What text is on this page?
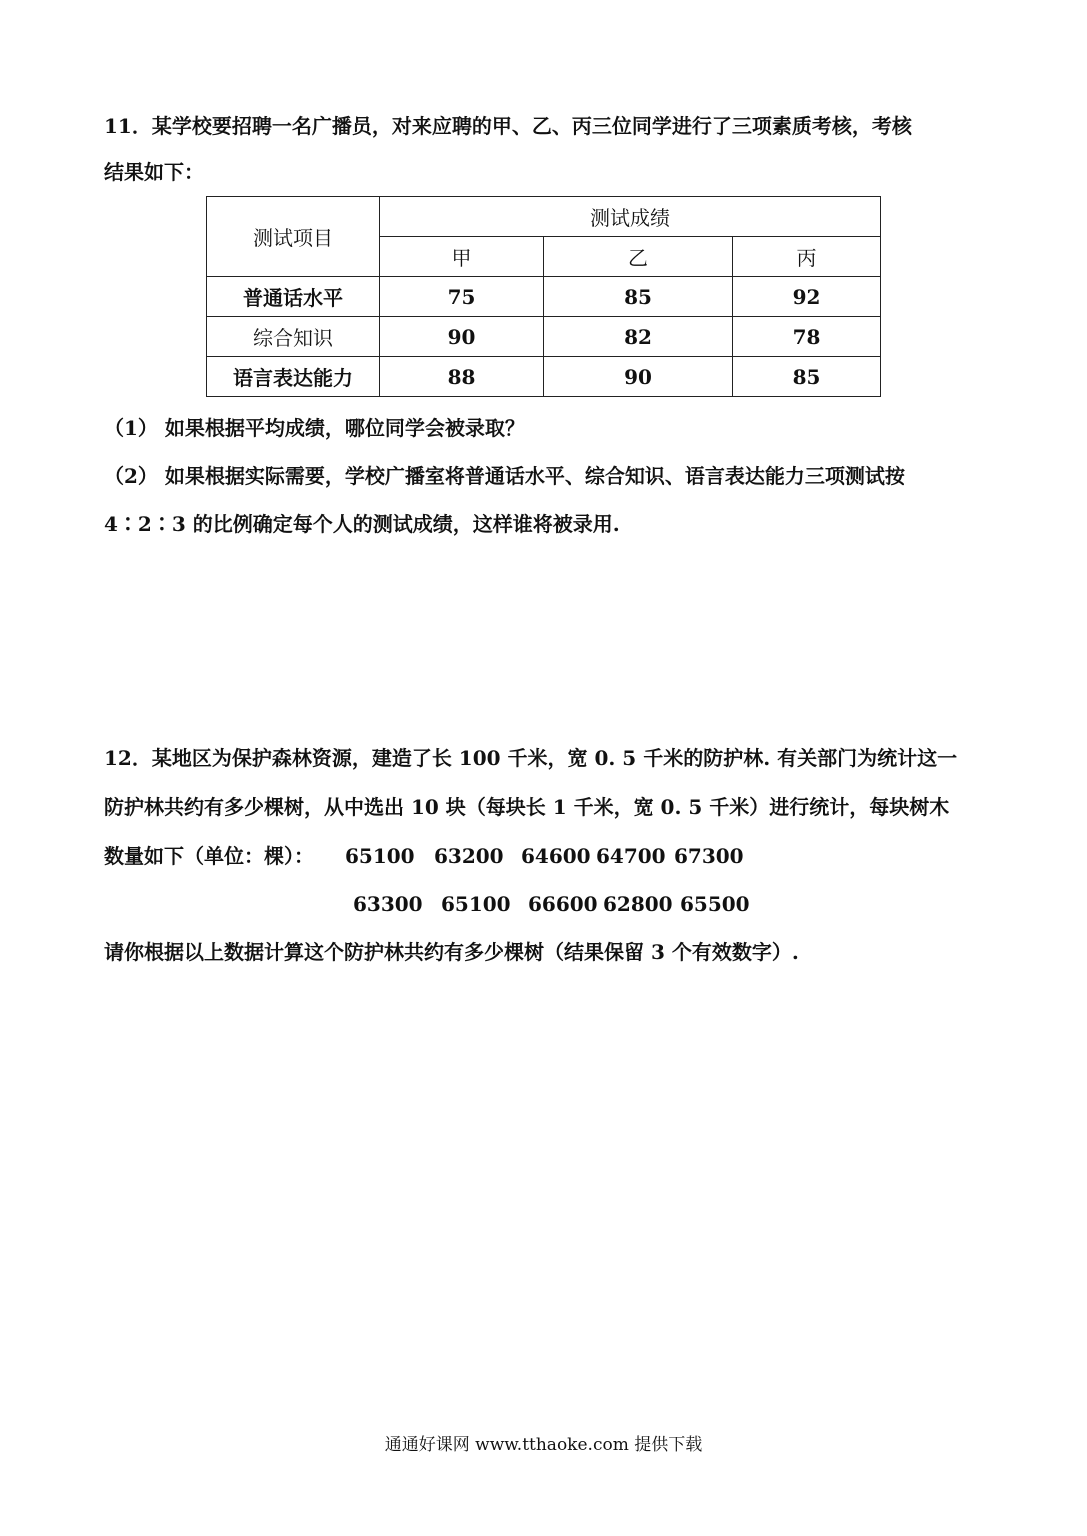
11．某学校要招聘一名广播员，对来应聘的甲、乙、丙三位同学进行了三项素质考核，考核
结果如下：
测试项目	测试成绩		
	甲	乙	丙
普通话水平	75	85	92
综合知识	90	82	78
语言表达能力	88	90	85
（1） 如果根据平均成绩，哪位同学会被录取？
（2） 如果根据实际需要，学校广播室将普通话水平、综合知识、语言表达能力三项测试按
4∶2∶3 的比例确定每个人的测试成绩，这样谁将被录用.
12．某地区为保护森林资源，建造了长 100 千米，宽 0. 5 千米的防护林. 有关部门为统计这一
防护林共约有多少棵树，从中选出 10 块（每块长 1 千米，宽 0. 5 千米）进行统计，每块树木
数量如下（单位：棵）： 65100 63200 64600 64700 67300
63300 65100 66600 62800 65500
请你根据以上数据计算这个防护林共约有多少棵树（结果保留 3 个有效数字）.
通通好课网 www.tthaoke.com 提供下载
